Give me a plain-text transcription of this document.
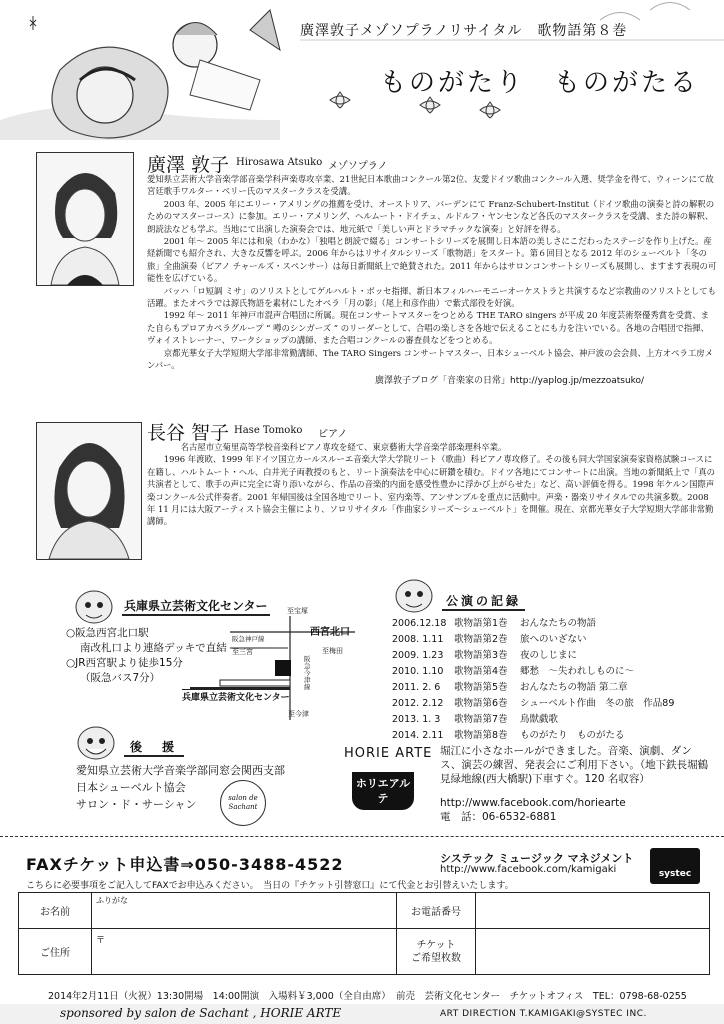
廣澤敦子メゾソプラノリサイタル　歌物語第８巻
ものがたり　ものがたる
廣澤 敦子 Hirosawa Atsuko メゾソプラノ

愛知県立芸術大学音楽学部音楽学科声楽専攻卒業、21世紀日本歌曲コンクール第2位、友愛ドイツ歌曲コンクール入選、奨学金を得て、ウィーンにて故宮廷歌手ワルター・ベリー氏のマスタークラスを受講。

2003 年、2005 年にエリー・アメリングの推薦を受け、オーストリア、バーデンにて Franz-Schubert-Institut（ドイツ歌曲の演奏と詩の解釈のためのマスターコース）に参加。エリー・アメリング、ヘルムート・ドイチュ、ルドルフ・ヤンセンなど各氏のマスタークラスを受講、また詩の解釈、朗読法なども学ぶ。当地にて出演した演奏会では、地元紙で「美しい声とドラマチックな演奏」と好評を得る。

2001 年～ 2005 年には和泉（わかな）「独唱と朗読で綴る」コンサートシリーズを展開し日本語の美しさにこだわったステージを作り上げた。産経新聞でも紹介され、大きな反響を呼ぶ。2006 年からはリサイタルシリーズ「歌物語」をスタート。第６回目となる 2012 年のシューベルト「冬の旅」全曲演奏（ピアノ チャールズ・スペンサー）は毎日新聞紙上で絶賛された。2011 年からはサロンコンサートシリーズも展開し、ますます表現の可能性を広げている。

バッハ「ロ短調 ミサ」のソリストとしてゲルハルト・ボッセ指揮、新日本フィルハーモニーオーケストラと共演するなど宗教曲のソリストとしても活躍。またオペラでは源氏物語を素材にしたオペラ「月の影」（尾上和彦作曲）で紫式部役を好演。

1992 年～ 2011 年神戸市混声合唱団に所属。現在コンサートマスターをつとめる THE TARO singers が平成 20 年度芸術祭優秀賞を受賞、また自らもプロアカペラグループ “ 噂のシンガーズ ” のリーダーとして、合唱の楽しさを各地で伝えることにも力を注いでいる。各地の合唱団で指揮、ヴォイストレーナー、ワークショップの講師、また合唱コンクールの審査員などをつとめる。

京都光華女子大学短期大学部非常勤講師、The TARO Singers コンサートマスター、日本シューベルト協会、神戸波の会会員、上方オペラ工房メンバー。

廣澤敦子ブログ「音楽家の日常」http://yaplog.jp/mezzoatsuko/
長谷 智子 Hase Tomoko ピアノ

名古屋市立菊里高等学校音楽科ピアノ専攻を経て、東京藝術大学音楽学部楽理科卒業。

1996 年渡欧、1999 年ドイツ国立カールスルーエ音楽大学大学院リート（歌曲）科ピアノ専攻修了。その後も同大学国家演奏家資格試験コースに在籍し、ハルトムート・ヘル、白井光子両教授のもと、リート演奏法を中心に研鑽を積む。ドイツ各地にてコンサートに出演。当地の新聞紙上で「真の共演者として、歌手の声に完全に寄り添いながら、作品の音楽的内面を感受性豊かに浮かび上がらせた」など、高い評価を得る。1998 年ケルン国際声楽コンクール公式伴奏者。2001 年帰国後は全国各地でリート、室内楽等、アンサンブルを重点に活動中。声楽・器楽リサイタルでの共演多数。2008 年 11 月には大阪アーティスト協会主催により、ソロリサイタル「作曲家シリーズ～シューベルト」を開催。現在、京都光華女子大学短期大学部非常勤講師。

兵庫県立芸術文化センター
○阪急西宮北口駅
南改札口より連絡デッキで直結
○JR西宮駅より徒歩15分
（阪急バス7分）
至宝塚
西宮北口
阪急神戸線
至三宮	至梅田
阪急今津線
兵庫県立芸術文化センター
至今津
公演の記録
2006.12.18 歌物語第1巻 おんなたちの物語
2008. 1.11 歌物語第2巻 旅へのいざない
2009. 1.23 歌物語第3巻 夜のしじまに
2010. 1.10 歌物語第4巻 郷愁　～失われしものに～
2011. 2. 6 歌物語第5巻 おんなたちの物語 第二章
2012. 2.12 歌物語第6巻 シューベルト作曲　冬の旅　作品89
2013. 1. 3 歌物語第7巻 鳥獣戯歌
2014. 2.11 歌物語第8巻 ものがたり　ものがたる
後　援
愛知県立芸術大学音楽学部同窓会関西支部
日本シューベルト協会
サロン・ド・サーシャン	salon de Sachant
HORIE ARTE
ホリエアルテ
堀江に小さなホールができました。音楽、演劇、ダンス、演芸の練習、発表会にご利用下さい。（地下鉄長堀鶴見緑地線(西大橋駅)下車すぐ。120 名収容）
http://www.facebook.com/horiearte
電　話：06-6532-6881
FAXチケット申込書⇒050-3488-4522	システック ミュージック マネジメント
http://www.facebook.com/kamigaki	systec
こちらに必要事項をご記入してFAXでお申込みください。　当日の『チケット引替窓口』にて代金とお引替えいたします。
お名前	ふりがな	お電話番号	
ご住所	〒	チケット
ご希望枚数	
2014年2月11日（火祝）13:30開場　14:00開演　入場料￥3,000（全自由席） 前売　芸術文化センター　チケットオフィス　TEL：0798-68-0255
sponsored by salon de Sachant , HORIE ARTE	ART DIRECTION T.KAMIGAKI@SYSTEC INC.
